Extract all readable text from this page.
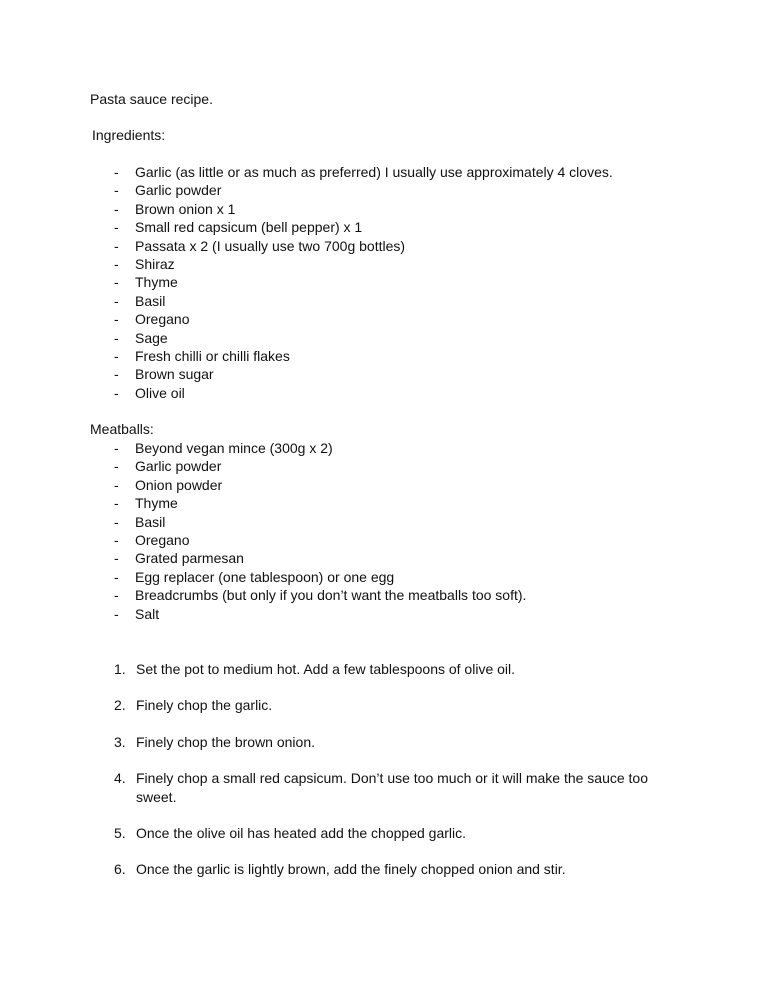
Pasta sauce recipe.
Ingredients:
- Garlic (as little or as much as preferred) I usually use approximately 4 cloves.
- Garlic powder
- Brown onion x 1
- Small red capsicum (bell pepper) x 1
- Passata x 2 (I usually use two 700g bottles)
- Shiraz
- Thyme
- Basil
- Oregano
- Sage
- Fresh chilli or chilli flakes
- Brown sugar
- Olive oil
Meatballs:
- Beyond vegan mince (300g x 2)
- Garlic powder
- Onion powder
- Thyme
- Basil
- Oregano
- Grated parmesan
- Egg replacer (one tablespoon) or one egg
- Breadcrumbs (but only if you don’t want the meatballs too soft).
- Salt
1. Set the pot to medium hot. Add a few tablespoons of olive oil.
2. Finely chop the garlic.
3. Finely chop the brown onion.
4. Finely chop a small red capsicum. Don’t use too much or it will make the sauce too sweet.
5. Once the olive oil has heated add the chopped garlic.
6. Once the garlic is lightly brown, add the finely chopped onion and stir.
